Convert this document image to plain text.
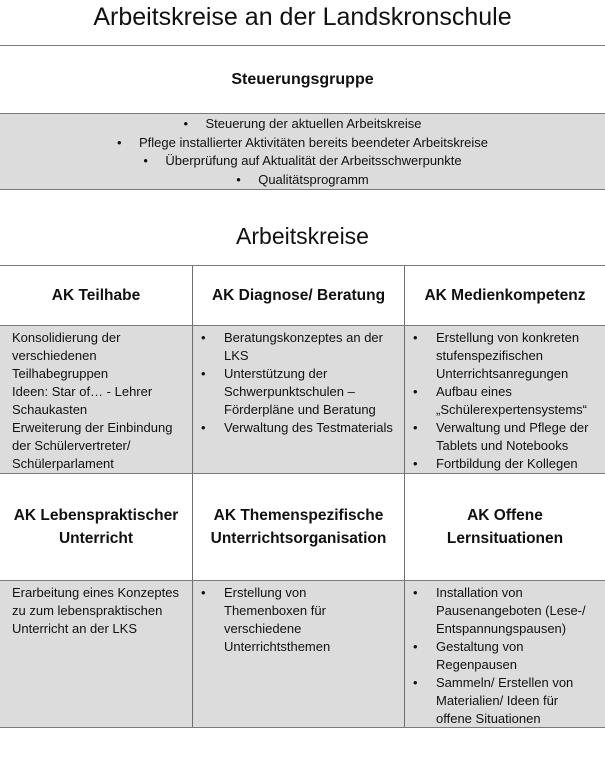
Arbeitskreise an der Landskronschule
Steuerungsgruppe
• Steuerung der aktuellen Arbeitskreise
• Pflege installierter Aktivitäten bereits beendeter Arbeitskreise
• Überprüfung auf Aktualität der Arbeitsschwerpunkte
• Qualitätsprogramm
Arbeitskreise
AK Teilhabe	AK Diagnose/ Beratung	AK Medienkompetenz
Konsolidierung der
verschiedenen
Teilhabegruppen
Ideen: Star of… - Lehrer
Schaukasten
Erweiterung der Einbindung
der Schülervertreter/
Schülerparlament
• Beratungskonzeptes an der LKS
• Unterstützung der Schwerpunktschulen – Förderpläne und Beratung
• Verwaltung des Testmaterials
• Erstellung von konkreten stufenspezifischen Unterrichtsanregungen
• Aufbau eines „Schülerexpertensystems“
• Verwaltung und Pflege der Tablets und Notebooks
• Fortbildung der Kollegen
AK Lebenspraktischer
Unterricht
AK Themenspezifische
Unterrichtsorganisation
AK Offene
Lernsituationen
Erarbeitung eines Konzeptes
zu zum lebenspraktischen
Unterricht an der LKS
• Erstellung von Themenboxen für verschiedene Unterrichtsthemen
• Installation von Pausenangeboten (Lese-/ Entspannungspausen)
• Gestaltung von Regenpausen
• Sammeln/ Erstellen von Materialien/ Ideen für offene Situationen
